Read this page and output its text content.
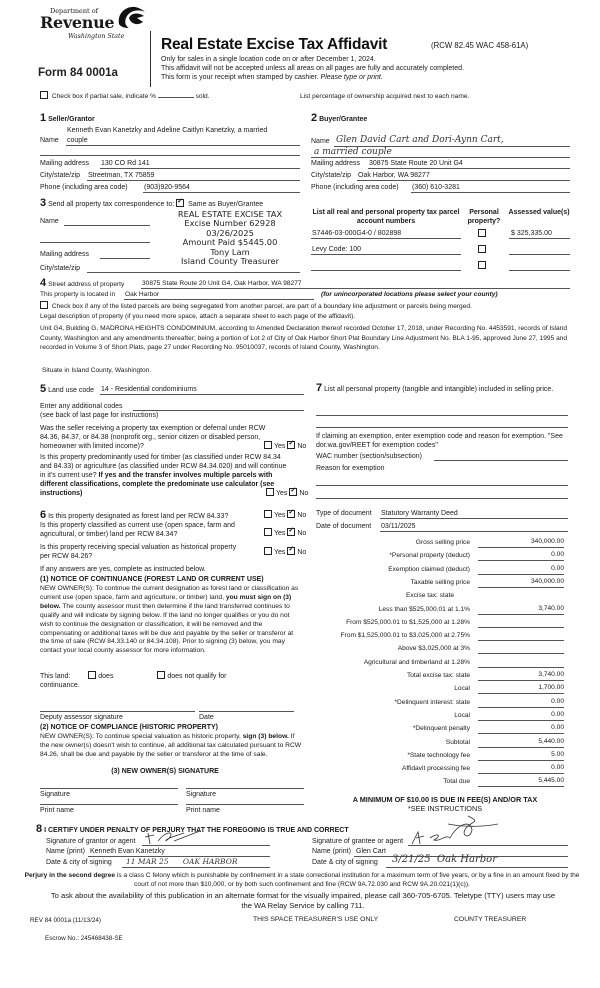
Department of
Revenue
Washington State
Form 84 0001a
Real Estate Excise Tax Affidavit	(RCW 82.45 WAC 458-61A)
Only for sales in a single location code on or after December 1, 2024.
This affidavit will not be accepted unless all areas on all pages are fully and accurately completed.
This form is your receipt when stamped by cashier. Please type or print.
Check box if partial sale, indicate %	sold.	List percentage of ownership acquired next to each name.
1 Seller/Grantor
Name
Kenneth Evan Kanetzky and Adeline Caitlyn Kanetzky, a married
couple
Mailing address 130 CO Rd 141
City/state/zip Streetman, TX 75859
Phone (including area code) (903)920-9564
2 Buyer/Grantee
Name Glen David Cart and Dori-Aynn Cart,
a married couple
Mailing address 30875 State Route 20 Unit G4
City/state/zip Oak Harbor, WA 98277
Phone (including area code) (360) 610-3281
3 Send all property tax correspondence to: ✓ Same as Buyer/Grantee
Name
Mailing address
City/state/zip
REAL ESTATE EXCISE TAX
Excise Number 62928
03/26/2025
Amount Paid $5445.00
Tony Lam
Island County Treasurer
List all real and personal property tax parcel account numbers
Personal property?
Assessed value(s)
S7446-03-000G4-0 / 802898	$ 325,335.00
Levy Code: 100
4 Street address of property	30875 State Route 20 Unit G4, Oak Harbor, WA 98277
This property is located in Oak Harbor	(for unincorporated locations please select your county)
Check box if any of the listed parcels are being segregated from another parcel, are part of a boundary line adjustment or parcels being merged.
Legal description of property (if you need more space, attach a separate sheet to each page of the affidavit).
Unit G4, Building G, MADRONA HEIGHTS CONDOMINIUM, according to Amended Declaration thereof recorded October 17, 2018, under Recording No. 4453591, records of Island County, Washington and any amendments thereafter; being a portion of Lot 2 of City of Oak Harbor Short Plat Boundary Line Adjustment No. BLA 1-95, approved June 27, 1995 and recorded in Volume 3 of Short Plats, page 27 under Recording No. 95010037, records of Island County, Washington.
Situate in Island County, Washington.
5 Land use code 14 - Residential condominiums
Enter any additional codes
(see back of last page for instructions)
Was the seller receiving a property tax exemption or deferral under RCW 84.36, 84.37, or 84.38 (nonprofit org., senior citizen or disabled person, homeowner with limited income)?	Yes ✓ No
Is this property predominantly used for timber (as classified under RCW 84.34 and 84.33) or agriculture (as classified under RCW 84.34.020) and will continue in it's current use? If yes and the transfer involves multiple parcels with different classifications, complete the predominate use calculator (see instructions)	Yes ✓ No
7 List all personal property (tangible and intangible) included in selling price.
If claiming an exemption, enter exemption code and reason for exemption. "See dor.wa.gov/REET for exemption codes"
WAC number (section/subsection)
Reason for exemption
Type of document Statutory Warranty Deed
Date of document 03/11/2025
6 Is this property designated as forest land per RCW 84.33?	Yes ✓ No
Is this property classified as current use (open space, farm and agricultural, or timber) land per RCW 84.34?	Yes ✓ No
Is this property receiving special valuation as historical property per RCW 84.26?
Yes ✓ No
If any answers are yes, complete as instructed below.
(1) NOTICE OF CONTINUANCE (FOREST LAND OR CURRENT USE)
NEW OWNER(S): To continue the current designation as forest land or classification as current use (open space, farm and agriculture, or timber) land, you must sign on (3) below. The county assessor must then determine if the land transferred continues to qualify and will indicate by signing below. If the land no longer qualifies or you do not wish to continue the designation or classification, it will be removed and the compensating or additional taxes will be due and payable by the seller or transferor at the time of sale (RCW 84.33.140 or 84.34.108). Prior to signing (3) below, you may contact your local county assessor for more information.
This land:	does	does not qualify for
continuance.
Deputy assessor signature	Date
(2) NOTICE OF COMPLIANCE (HISTORIC PROPERTY)
NEW OWNER(S): To continue special valuation as historic property, sign (3) below. If the new owner(s) doesn't wish to continue, all additional tax calculated pursuant to RCW 84.26, shall be due and payable by the seller or transferor at the time of sale.
(3) NEW OWNER(S) SIGNATURE
Signature	Signature
Print name	Print name
Gross selling price	340,000.00
*Personal property (deduct)	0.00
Exemption claimed (deduct)	0.00
Taxable selling price	340,000.00
Excise tax: state
Less than $525,000.01 at 1.1%	3,740.00
From $525,000.01 to $1,525,000 at 1.28%
From $1,525,000.01 to $3,025,000 at 2.75%
Above $3,025,000 at 3%
Agricultural and timberland at 1.28%
Total excise tax: state	3,740.00
Local	1,700.00
*Delinquent interest: state	0.00
Local	0.00
*Delinquent penalty	0.00
Subtotal	5,440.00
*State technology fee	5.00
Affidavit processing fee	0.00
Total due	5,445.00
A MINIMUM OF $10.00 IS DUE IN FEE(S) AND/OR TAX
*SEE INSTRUCTIONS
8 I CERTIFY UNDER PENALTY OF PERJURY THAT THE FOREGOING IS TRUE AND CORRECT
Signature of grantor or agent
Name (print) Kenneth Evan Kanetzky
Date & city of signing 11 MAR 25      OAK HARBOR
Signature of grantee or agent
Name (print) Glen Cart
Date & city of signing 3/21/25  Oak Harbor
Perjury in the second degree is a class C felony which is punishable by confinement in a state correctional institution for a maximum term of five years, or by a fine in an amount fixed by the court of not more than $10,000, or by both such confinement and fine (RCW 9A.72.030 and RCW 9A.20.021(1)(c)).
To ask about the availability of this publication in an alternate format for the visually impaired, please call 360-705-6705. Teletype (TTY) users may use the WA Relay Service by calling 711.
REV 84 0001a (11/13/24)	THIS SPACE TREASURER'S USE ONLY	COUNTY TREASURER
Escrow No.: 245468438-SE
